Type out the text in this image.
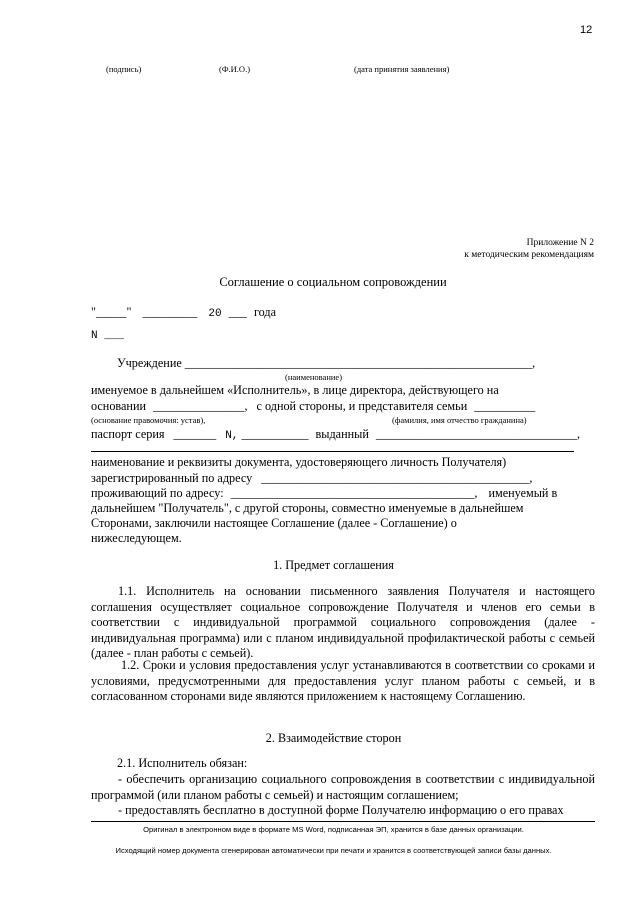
12
(подпись)	(Ф.И.О.)	(дата принятия заявления)
Приложение N 2
к методическим рекомендациям
Соглашение о социальном сопровождении
"_____" _________ 20 ___ года
N ___
Учреждение _________________________________________________________,
(наименование)
именуемое в дальнейшем «Исполнитель», в лице директора, действующего на
основании _______________, с одной стороны, и представителя семьи __________
(основание правомочия: устав),	(фамилия, имя отчество гражданина)
паспорт серия _______ N, ___________ выданный _________________________________,
наименование и реквизиты документа, удостоверяющего личность Получателя)
зарегистрированный по адресу ____________________________________________,
проживающий по адресу: ________________________________________, именуемый в
дальнейшем "Получатель", с другой стороны, совместно именуемые в дальнейшем
Сторонами, заключили настоящее Соглашение (далее - Соглашение) о
нижеследующем.
1. Предмет соглашения
1.1. Исполнитель на основании письменного заявления Получателя и настоящего соглашения осуществляет социальное сопровождение Получателя и членов его семьи в соответствии с индивидуальной программой социального сопровождения (далее - индивидуальная программа) или с планом индивидуальной профилактической работы с семьей (далее - план работы с семьей).
1.2. Сроки и условия предоставления услуг устанавливаются в соответствии со сроками и условиями, предусмотренными для предоставления услуг планом работы с семьей, и в согласованном сторонами виде являются приложением к настоящему Соглашению.
2. Взаимодействие сторон
2.1. Исполнитель обязан:
- обеспечить организацию социального сопровождения в соответствии с индивидуальной программой (или планом работы с семьей) и настоящим соглашением;
- предоставлять бесплатно в доступной форме Получателю информацию о его правах
Оригинал в электронном виде в формате MS Word, подписанная ЭП, хранится в базе данных организации.
Исходящий номер документа сгенерирован автоматически при печати и хранится в соответствующей записи базы данных.
